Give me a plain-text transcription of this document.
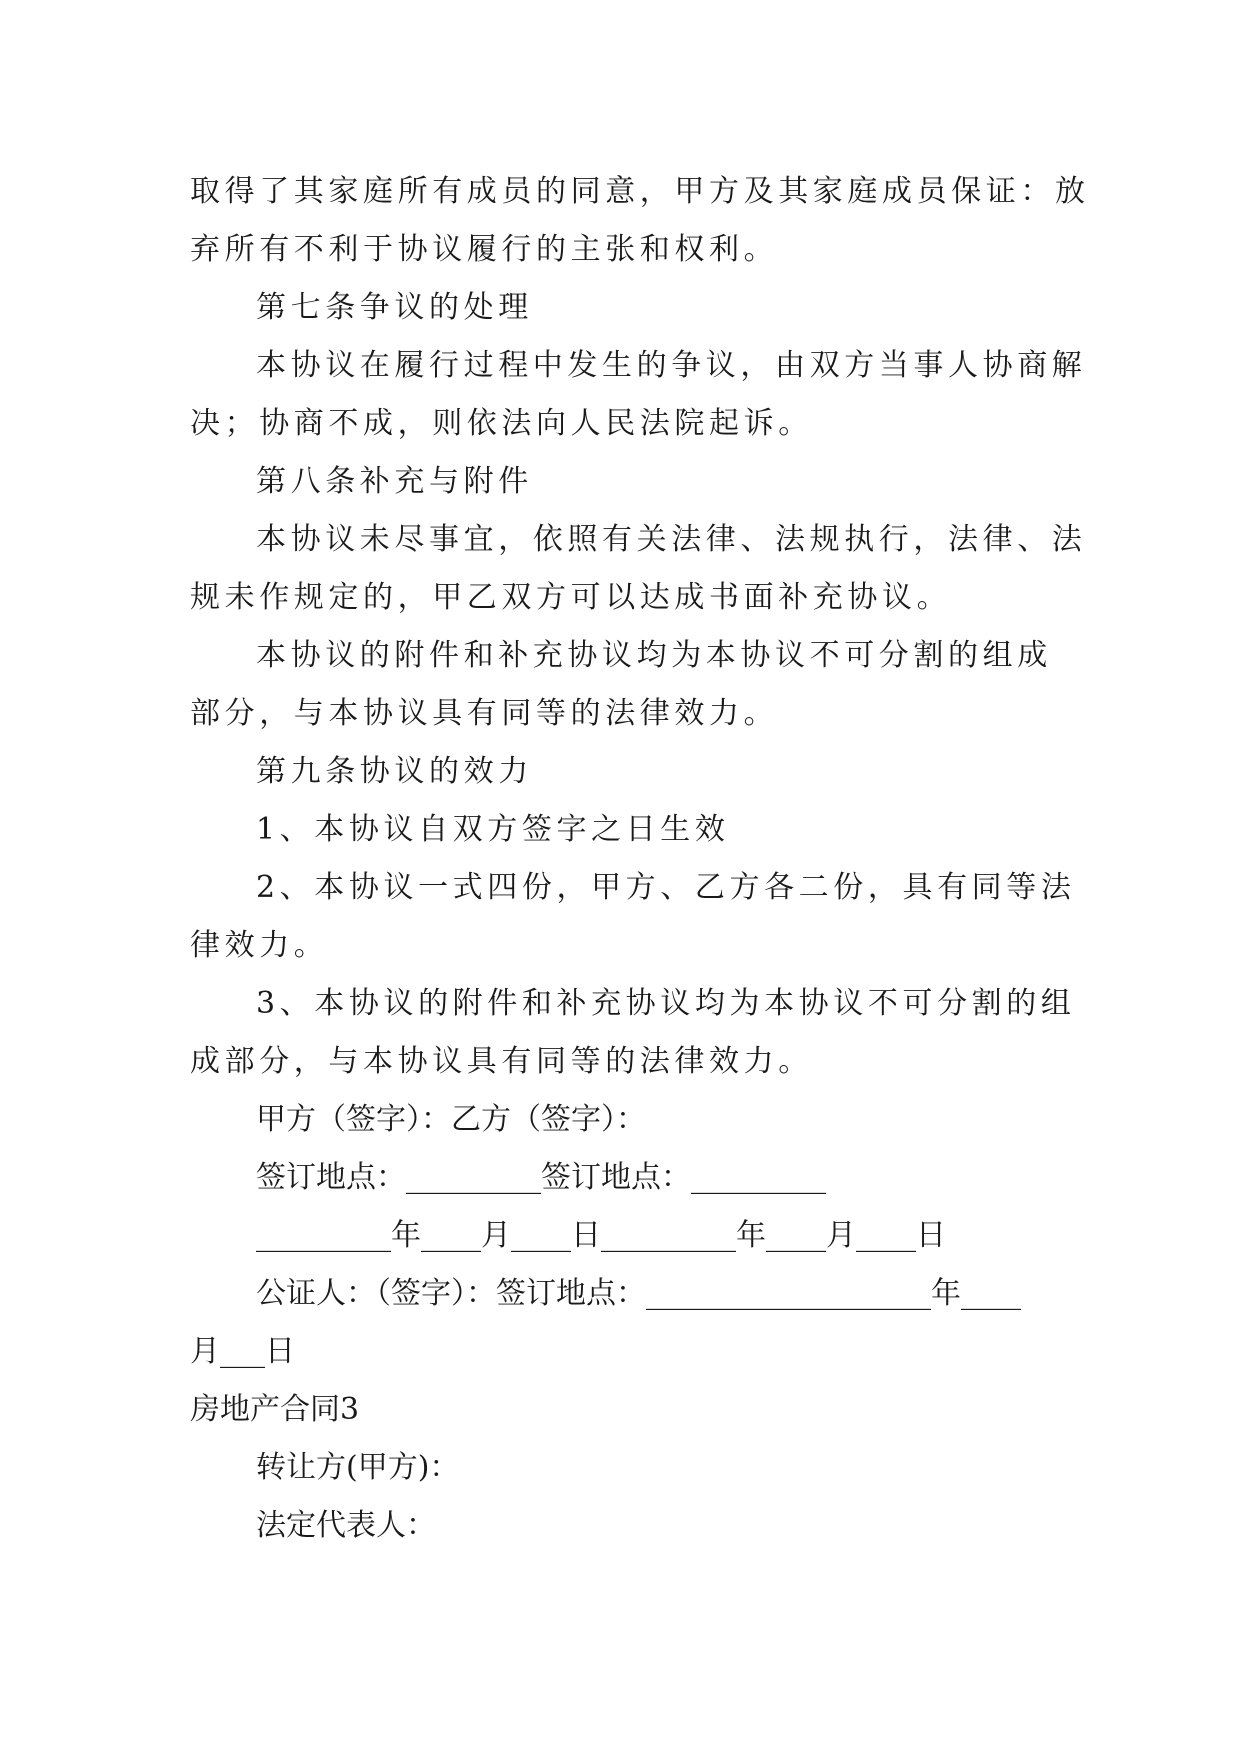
取得了其家庭所有成员的同意，甲方及其家庭成员保证：放
弃所有不利于协议履行的主张和权利。
第七条争议的处理
本协议在履行过程中发生的争议，由双方当事人协商解
决；协商不成，则依法向人民法院起诉。
第八条补充与附件
本协议未尽事宜，依照有关法律、法规执行，法律、法
规未作规定的，甲乙双方可以达成书面补充协议。
本协议的附件和补充协议均为本协议不可分割的组成
部分，与本协议具有同等的法律效力。
第九条协议的效力
1、本协议自双方签字之日生效
2、本协议一式四份，甲方、乙方各二份，具有同等法
律效力。
3、本协议的附件和补充协议均为本协议不可分割的组
成部分，与本协议具有同等的法律效力。
甲方（签字）：乙方（签字）：
签订地点：_________签订地点：_________
_________年____月____日_________年____月____日
公证人：（签字）：签订地点：___________________年____
月___日
房地产合同3
转让方(甲方)：
法定代表人：
